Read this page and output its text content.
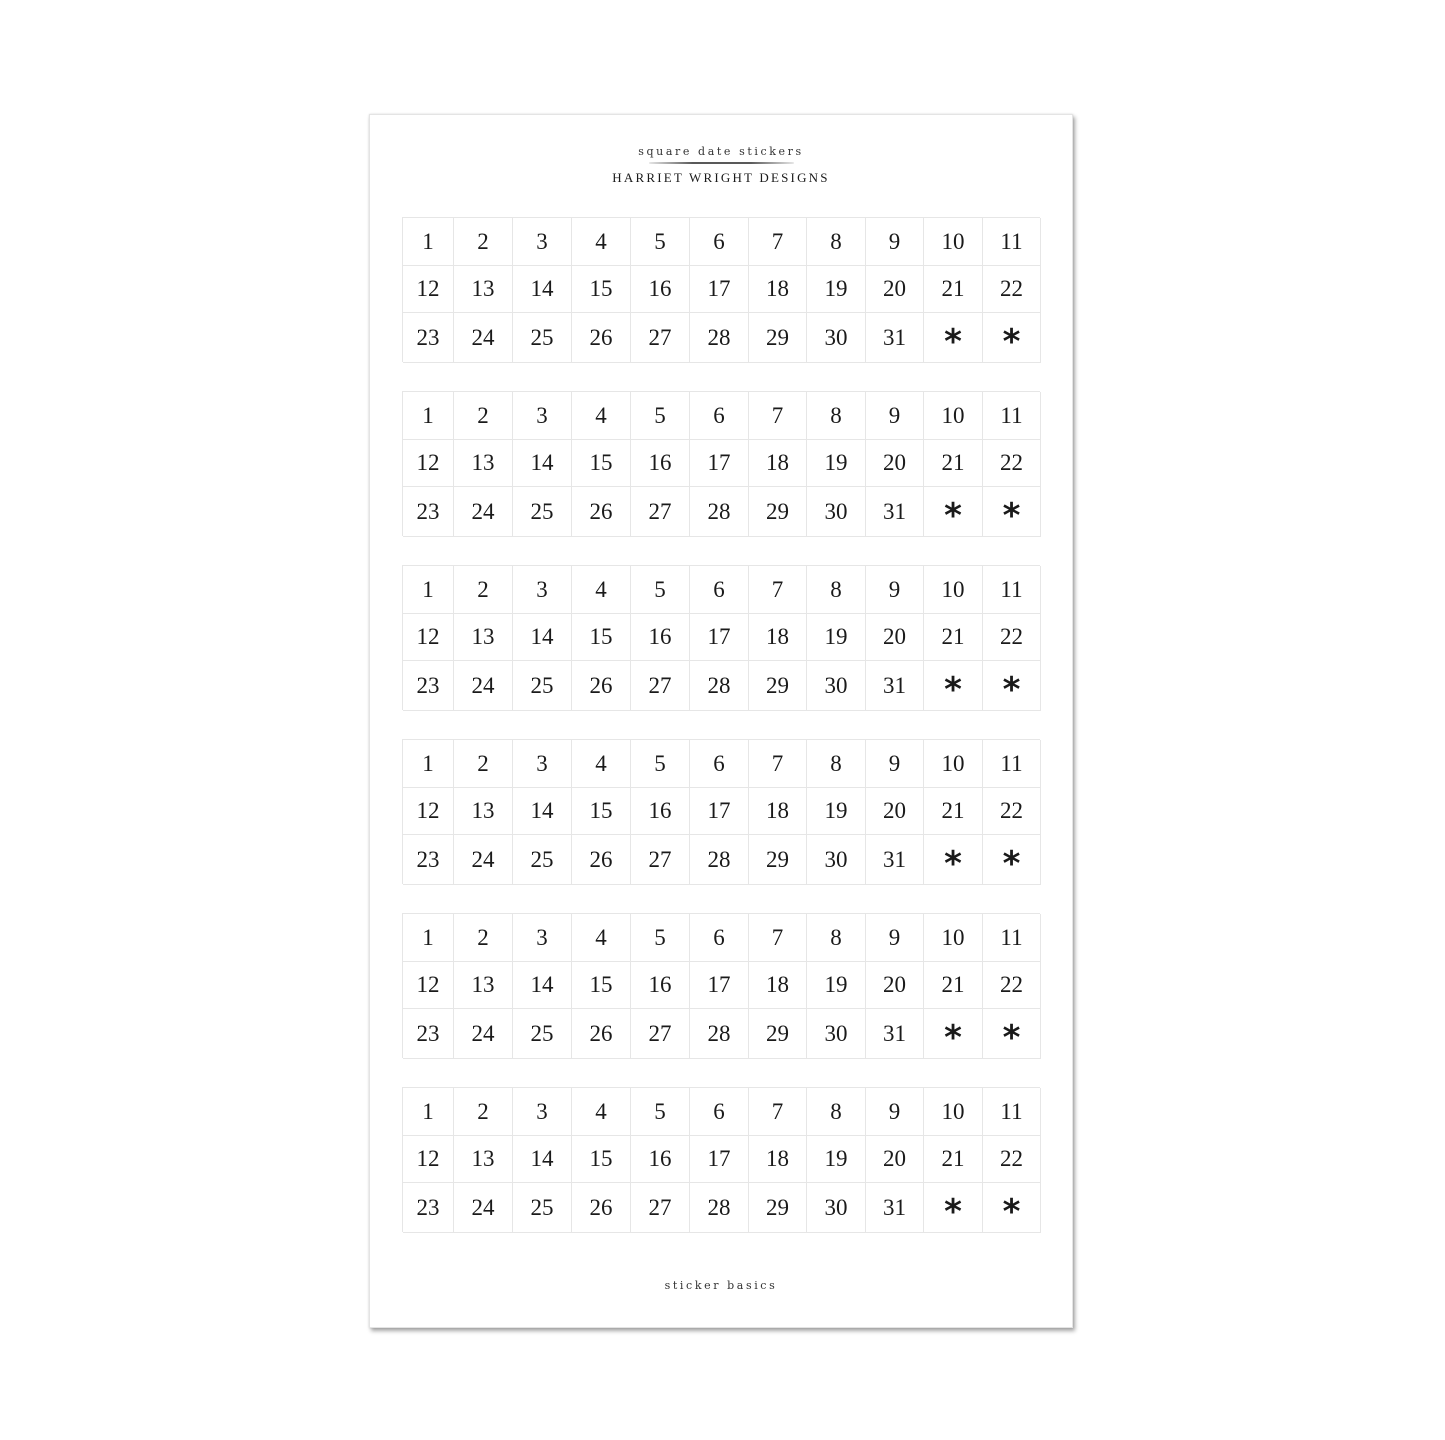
square date stickers
HARRIET WRIGHT DESIGNS
1	2	3	4	5	6	7	8	9	10	11
12	13	14	15	16	17	18	19	20	21	22
23	24	25	26	27	28	29	30	31	*	*
1	2	3	4	5	6	7	8	9	10	11
12	13	14	15	16	17	18	19	20	21	22
23	24	25	26	27	28	29	30	31	*	*
1	2	3	4	5	6	7	8	9	10	11
12	13	14	15	16	17	18	19	20	21	22
23	24	25	26	27	28	29	30	31	*	*
1	2	3	4	5	6	7	8	9	10	11
12	13	14	15	16	17	18	19	20	21	22
23	24	25	26	27	28	29	30	31	*	*
1	2	3	4	5	6	7	8	9	10	11
12	13	14	15	16	17	18	19	20	21	22
23	24	25	26	27	28	29	30	31	*	*
1	2	3	4	5	6	7	8	9	10	11
12	13	14	15	16	17	18	19	20	21	22
23	24	25	26	27	28	29	30	31	*	*
sticker basics
